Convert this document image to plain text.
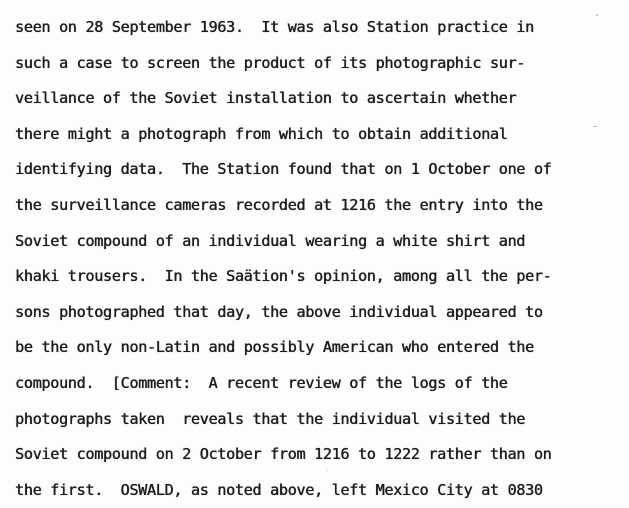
seen on 28 September 1963.  It was also Station practice in
such a case to screen the product of its photographic sur-
veillance of the Soviet installation to ascertain whether
there might a photograph from which to obtain additional
identifying data.  The Station found that on 1 October one of
the surveillance cameras recorded at 1216 the entry into the
Soviet compound of an individual wearing a white shirt and
khaki trousers.  In the Saätion's opinion, among all the per-
sons photographed that day, the above individual appeared to
be the only non-Latin and possibly American who entered the
compound.  [Comment:  A recent review of the logs of the
photographs taken  reveals that the individual visited the
Soviet compound on 2 October from 1216 to 1222 rather than on
the first.  OSWALD, as noted above, left Mexico City at 0830
